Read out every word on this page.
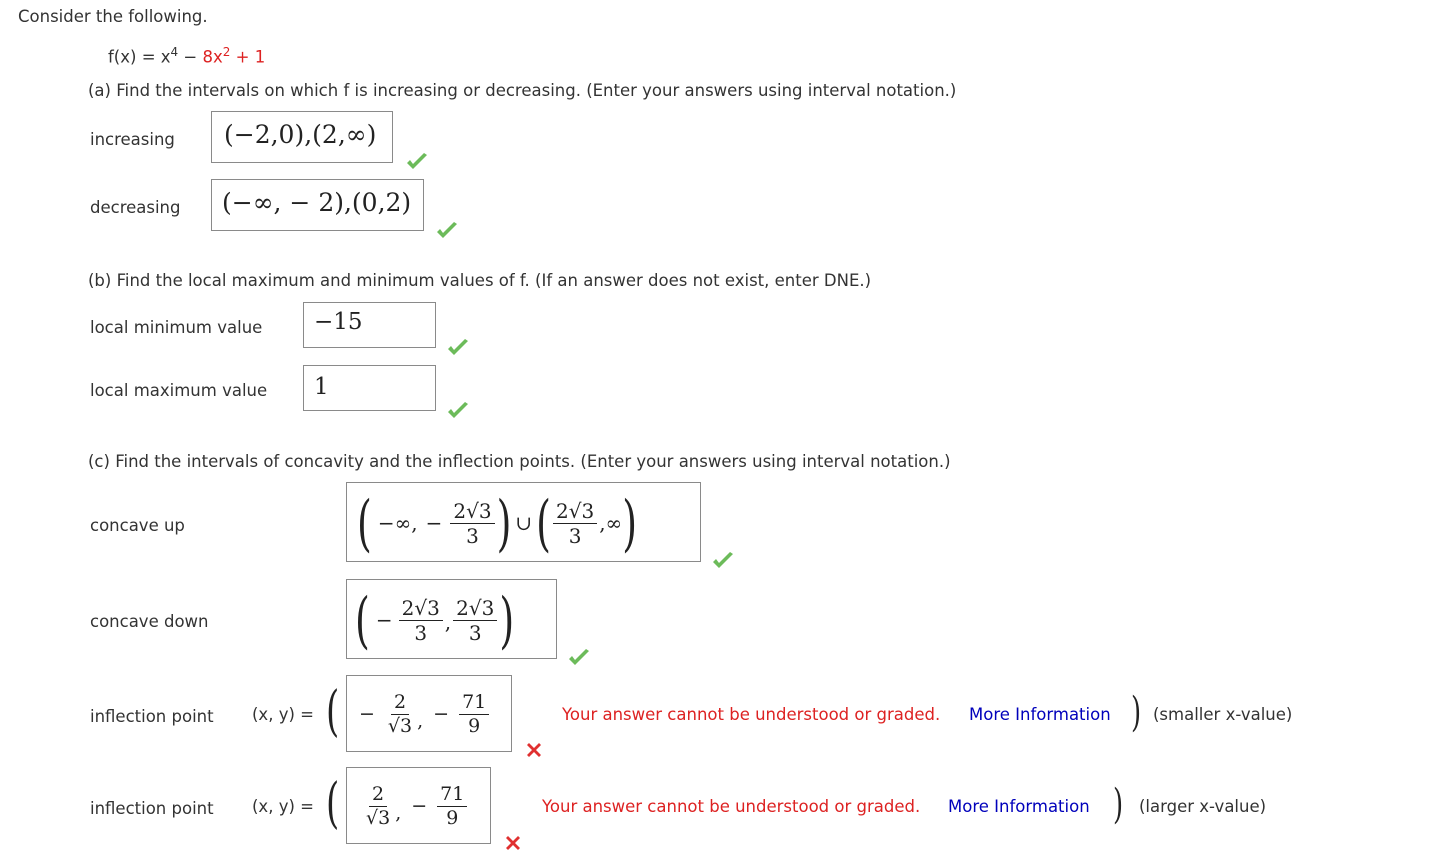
Consider the following.
$f(x) = x^4 - 8x^2 + 1$
(a) Find the intervals on which f is increasing or decreasing. (Enter your answers using interval notation.)
increasing (−2,0),(2,∞)
decreasing (−∞, − 2),(0,2)
(b) Find the local maximum and minimum values of f. (If an answer does not exist, enter DNE.)
local minimum value −15
local maximum value 1
(c) Find the intervals of concavity and the inflection points. (Enter your answers using interval notation.)
concave up	( −∞, − $\frac{2√3}{3}$ ) ∪ ( $\frac{2√3}{3}$ ,∞ )
concave down	( − $\frac{2√3}{3}$ , $\frac{2√3}{3}$ )
inflection point (x, y) = ( − $\frac{2}{√3}$ , − $\frac{71}{9}$	Your answer cannot be understood or graded. More Information ) (smaller x-value)
inflection point (x, y) = ( $\frac{2}{√3}$ , − $\frac{71}{9}$	Your answer cannot be understood or graded. More Information ) (larger x-value)
